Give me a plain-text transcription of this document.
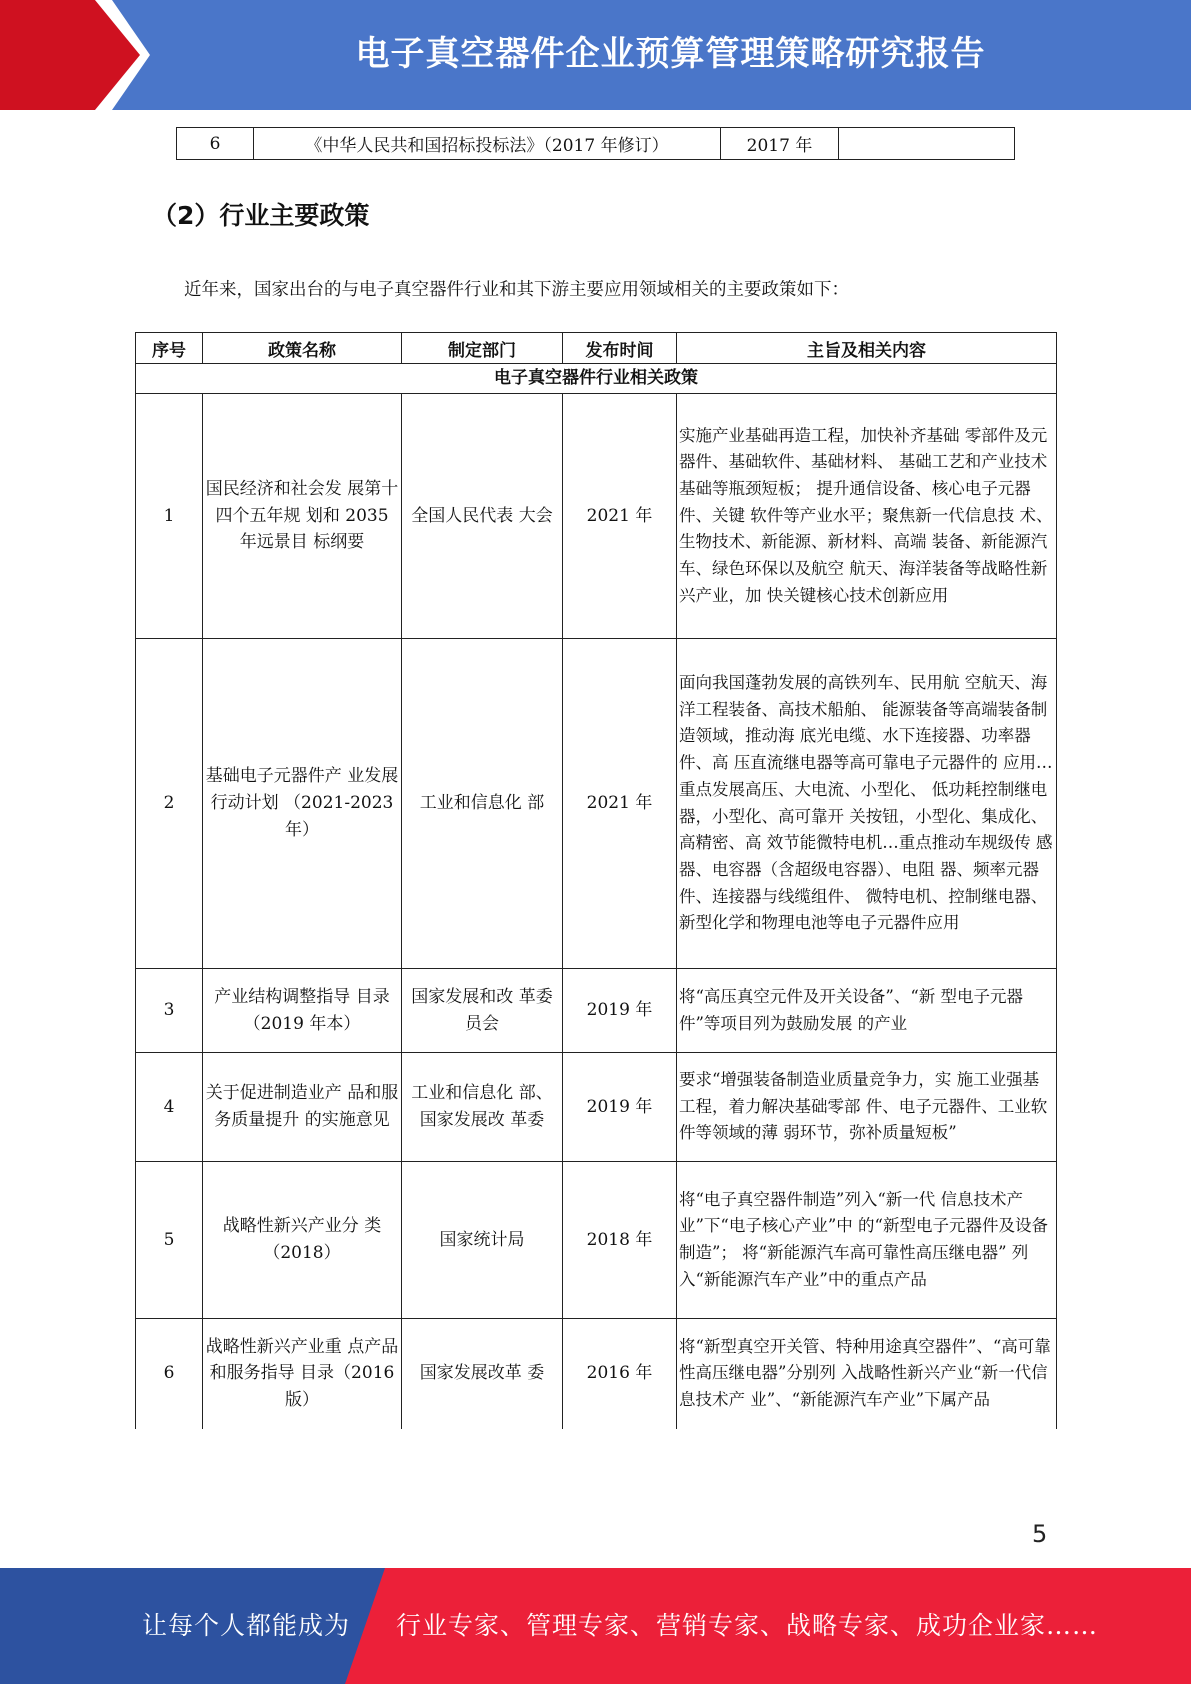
电子真空器件企业预算管理策略研究报告
6	《中华人民共和国招标投标法》（2017 年修订）	2017 年	
（2）行业主要政策
近年来，国家出台的与电子真空器件行业和其下游主要应用领域相关的主要政策如下：
序号	政策名称	制定部门	发布时间	主旨及相关内容
电子真空器件行业相关政策				
1	国民经济和社会发 展第十四个五年规 划和 2035 年远景目 标纲要	全国人民代表 大会	2021 年	实施产业基础再造工程，加快补齐基础 零部件及元器件、基础软件、基础材料、 基础工艺和产业技术基础等瓶颈短板； 提升通信设备、核心电子元器件、关键 软件等产业水平；聚焦新一代信息技 术、生物技术、新能源、新材料、高端 装备、新能源汽车、绿色环保以及航空 航天、海洋装备等战略性新兴产业，加 快关键核心技术创新应用
2	基础电子元器件产 业发展行动计划 （2021-2023 年）	工业和信息化 部	2021 年	面向我国蓬勃发展的高铁列车、民用航 空航天、海洋工程装备、高技术船舶、 能源装备等高端装备制造领域，推动海 底光电缆、水下连接器、功率器件、高 压直流继电器等高可靠电子元器件的 应用…重点发展高压、大电流、小型化、 低功耗控制继电器，小型化、高可靠开 关按钮，小型化、集成化、高精密、高 效节能微特电机…重点推动车规级传 感器、电容器（含超级电容器）、电阻 器、频率元器件、连接器与线缆组件、 微特电机、控制继电器、新型化学和物理电池等电子元器件应用
3	产业结构调整指导 目录 （2019 年本）	国家发展和改 革委员会	2019 年	将“高压真空元件及开关设备”、“新 型电子元器件”等项目列为鼓励发展 的产业
4	关于促进制造业产 品和服务质量提升 的实施意见	工业和信息化 部、国家发展改 革委	2019 年	要求“增强装备制造业质量竞争力，实 施工业强基工程，着力解决基础零部 件、电子元器件、工业软件等领域的薄 弱环节，弥补质量短板”
5	战略性新兴产业分 类（2018）	国家统计局	2018 年	将“电子真空器件制造”列入“新一代 信息技术产业”下“电子核心产业”中 的“新型电子元器件及设备制造”； 将“新能源汽车高可靠性高压继电器” 列入“新能源汽车产业”中的重点产品
6	战略性新兴产业重 点产品和服务指导 目录（2016 版）	国家发展改革 委	2016 年	将“新型真空开关管、特种用途真空器件”、“高可靠性高压继电器”分别列 入战略性新兴产业“新一代信息技术产 业”、“新能源汽车产业”下属产品
5
让每个人都能成为 行业专家、管理专家、营销专家、战略专家、成功企业家……
